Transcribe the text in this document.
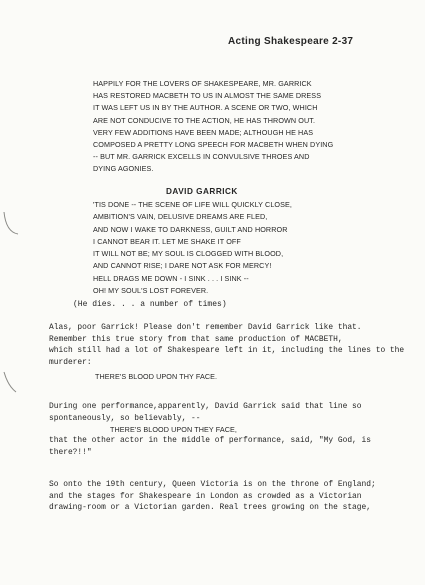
Acting Shakespeare 2-37
HAPPILY FOR THE LOVERS OF SHAKESPEARE, MR. GARRICK
HAS RESTORED MACBETH TO US IN ALMOST THE SAME DRESS
IT WAS LEFT US IN BY THE AUTHOR. A SCENE OR TWO, WHICH
ARE NOT CONDUCIVE TO THE ACTION, HE HAS THROWN OUT.
VERY FEW ADDITIONS HAVE BEEN MADE; ALTHOUGH HE HAS
COMPOSED A PRETTY LONG SPEECH FOR MACBETH WHEN DYING
-- BUT MR. GARRICK EXCELLS IN CONVULSIVE THROES AND
DYING AGONIES.
DAVID GARRICK
'TIS DONE -- THE SCENE OF LIFE WILL QUICKLY CLOSE,
AMBITION'S VAIN, DELUSIVE DREAMS ARE FLED,
AND NOW I WAKE TO DARKNESS, GUILT AND HORROR
I CANNOT BEAR IT. LET ME SHAKE IT OFF
IT WILL NOT BE; MY SOUL IS CLOGGED WITH BLOOD,
AND CANNOT RISE; I DARE NOT ASK FOR MERCY!
HELL DRAGS ME DOWN - I SINK . . . I SINK --
OH! MY SOUL'S LOST FOREVER.
(He dies. . . a number of times)
Alas, poor Garrick! Please don't remember David Garrick like that.
Remember this true story from that same production of MACBETH,
which still had a lot of Shakespeare left in it, including the lines to the
murderer:
THERE'S BLOOD UPON THY FACE.
During one performance,apparently, David Garrick said that line so
spontaneously, so believably, --
THERE'S BLOOD UPON THEY FACE,
that the other actor in the middle of performance, said, "My God, is
there?!!"
So onto the 19th century, Queen Victoria is on the throne of England;
and the stages for Shakespeare in London as crowded as a Victorian
drawing-room or a Victorian garden. Real trees growing on the stage,
